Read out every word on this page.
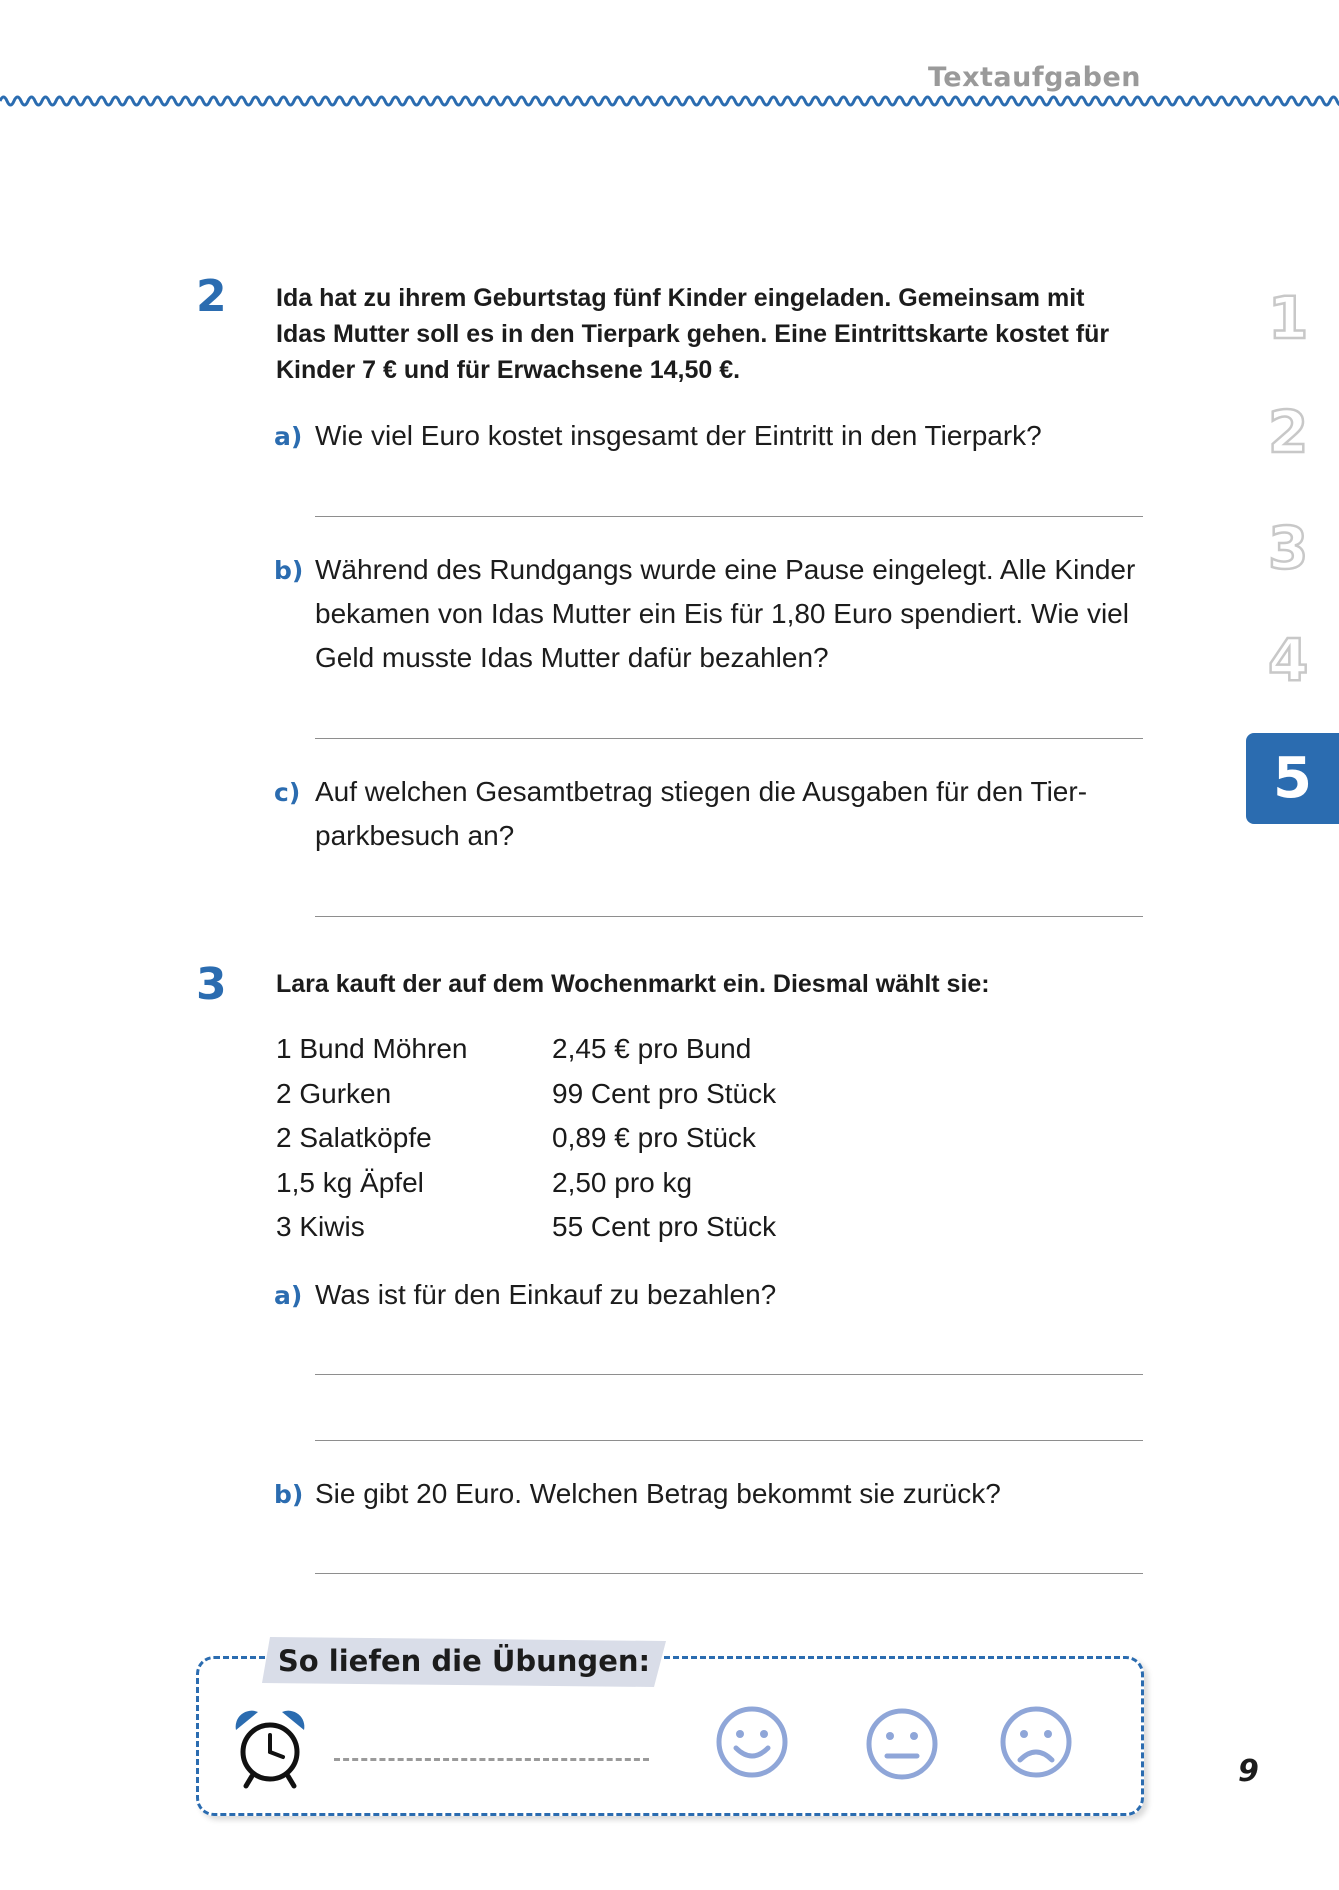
Textaufgaben
1
2
3
4
5
2 Ida hat zu ihrem Geburtstag fünf Kinder eingeladen. Gemeinsam mit
Idas Mutter soll es in den Tierpark gehen. Eine Eintrittskarte kostet für
Kinder 7 € und für Erwachsene 14,50 €.
a) Wie viel Euro kostet insgesamt der Eintritt in den Tierpark?
b) Während des Rundgangs wurde eine Pause eingelegt. Alle Kinder
bekamen von Idas Mutter ein Eis für 1,80 Euro spendiert. Wie viel
Geld musste Idas Mutter dafür bezahlen?
c) Auf welchen Gesamtbetrag stiegen die Ausgaben für den Tier-
parkbesuch an?
3 Lara kauft der auf dem Wochenmarkt ein. Diesmal wählt sie:
1 Bund Möhren	2,45 € pro Bund
2 Gurken	99 Cent pro Stück
2 Salatköpfe	0,89 € pro Stück
1,5 kg Äpfel	2,50 pro kg
3 Kiwis	55 Cent pro Stück
a) Was ist für den Einkauf zu bezahlen?
b) Sie gibt 20 Euro. Welchen Betrag bekommt sie zurück?
So liefen die Übungen:
9
